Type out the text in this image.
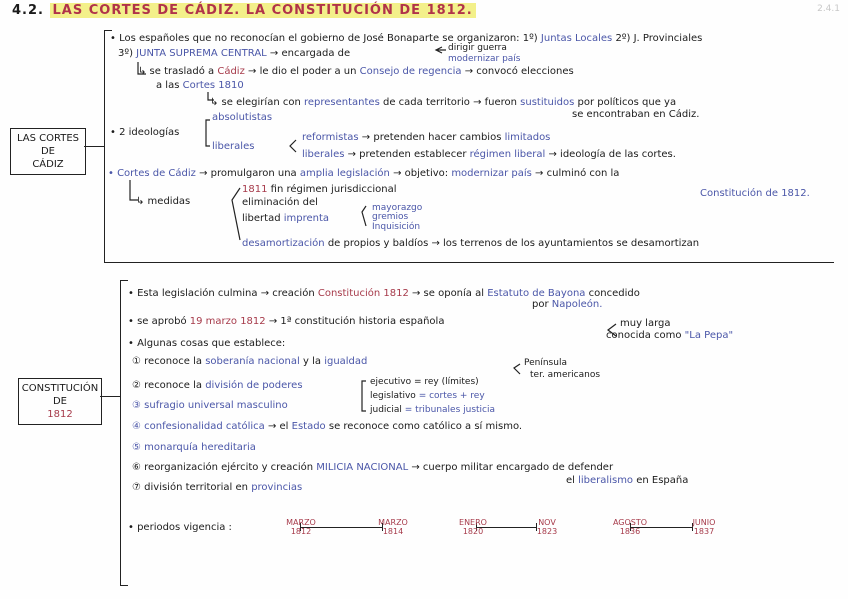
4.2. LAS CORTES DE CÁDIZ. LA CONSTITUCIÓN DE 1812.	2.4.1
LAS CORTES
DE
CÁDIZ
• Los españoles que no reconocían el gobierno de José Bonaparte se organizaron: 1º) Juntas Locales 2º) J. Provinciales
3º) JUNTA SUPREMA CENTRAL → encargada de	dirigir guerra
modernizar país
↳ se trasladó a Cádiz → le dio el poder a un Consejo de regencia → convocó elecciones
a las Cortes 1810
↳ se elegirían con representantes de cada territorio → fueron sustituidos por políticos que ya
se encontraban en Cádiz.
• 2 ideologías
absolutistas
liberales
reformistas → pretenden hacer cambios limitados
liberales → pretenden establecer régimen liberal → ideología de las cortes.
• Cortes de Cádiz → promulgaron una amplia legislación → objetivo: modernizar país → culminó con la
Constitución de 1812.
↳ medidas
1811 fin régimen jurisdiccional
eliminación del	mayorazgo
gremios
Inquisición
libertad imprenta
desamortización de propios y baldíos → los terrenos de los ayuntamientos se desamortizan
CONSTITUCIÓN
DE
1812
• Esta legislación culmina → creación Constitución 1812 → se oponía al Estatuto de Bayona concedido
por Napoleón.
• se aprobó 19 marzo 1812 → 1ª constitución historia española	muy larga
conocida como "La Pepa"
• Algunas cosas que establece:
① reconoce la soberanía nacional y la igualdad	Península
ter. americanos
② reconoce la división de poderes	ejecutivo = rey (límites)
legislativo = cortes + rey
judicial = tribunales justicia
③ sufragio universal masculino
④ confesionalidad católica → el Estado se reconoce como católico a sí mismo.
⑤ monarquía hereditaria
⑥ reorganización ejército y creación MILICIA NACIONAL → cuerpo militar encargado de defender
el liberalismo en España
⑦ división territorial en provincias
• periodos vigencia :	MARZO
1812
MARZO
1814
ENERO
1820
NOV
1823
AGOSTO
1836
JUNIO
1837
